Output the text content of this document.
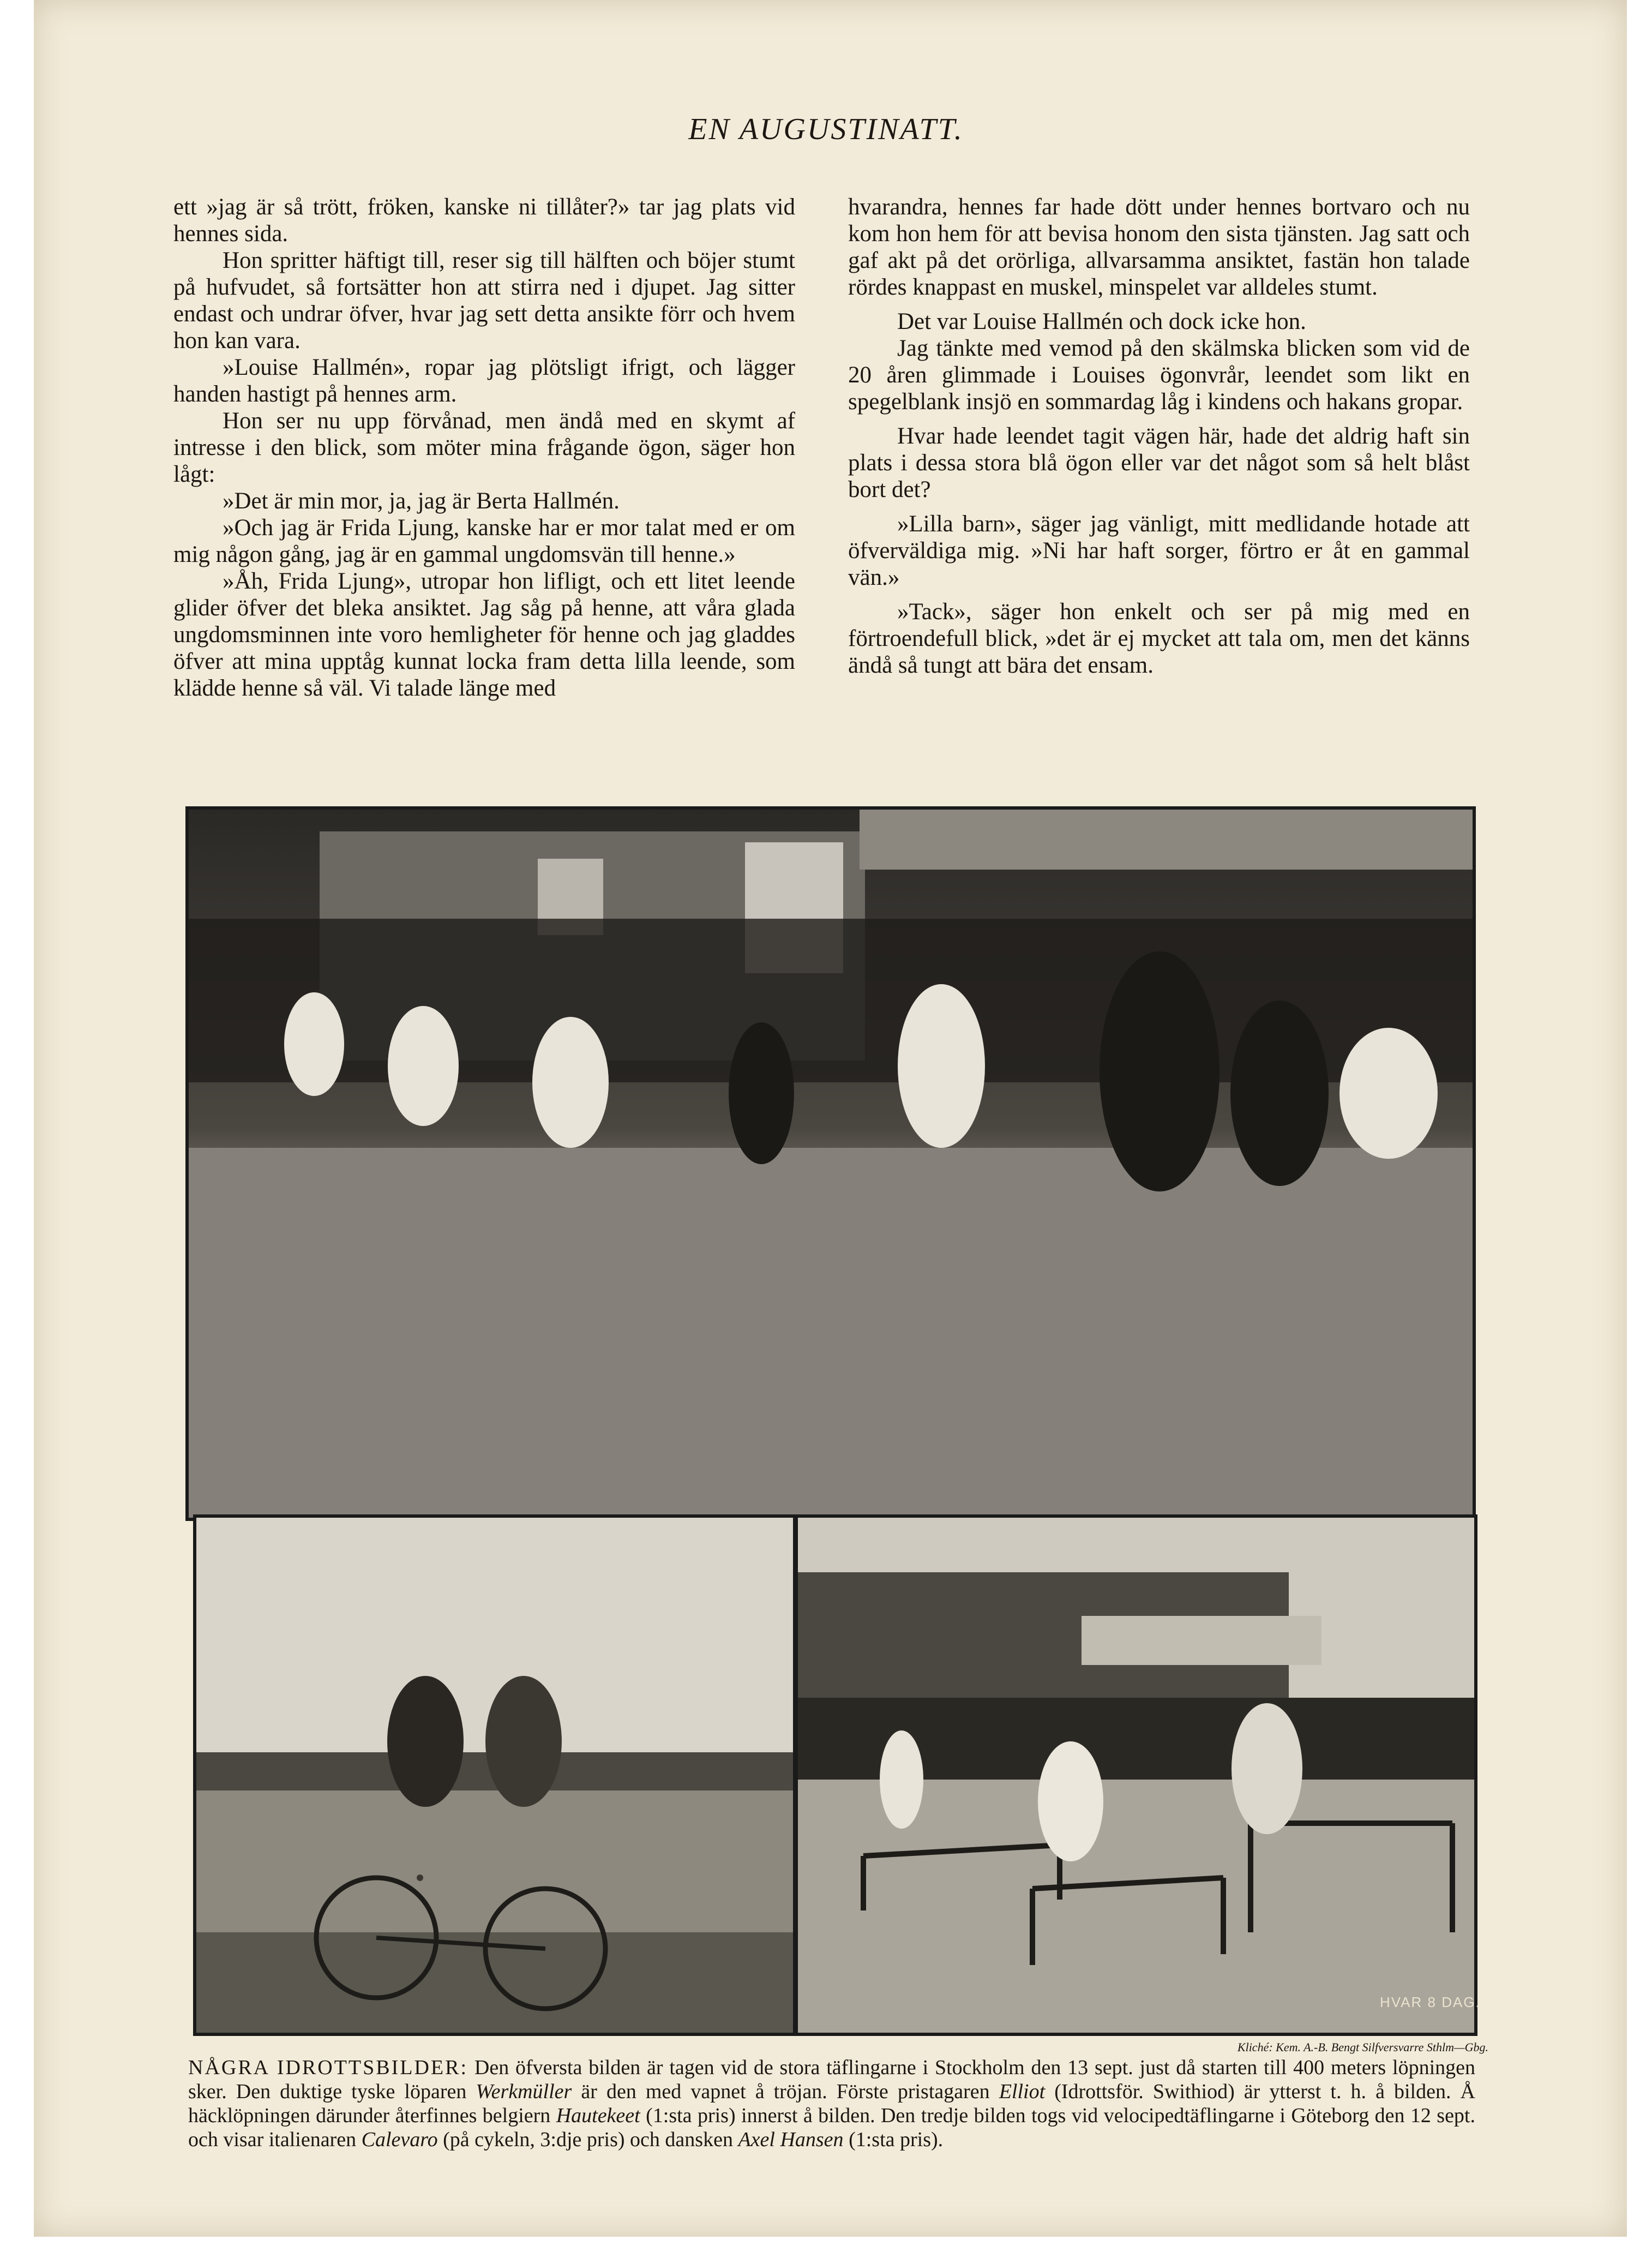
EN AUGUSTINATT.

ett »jag är så trött, fröken, kanske ni tillåter?» tar jag plats vid hennes sida.

Hon spritter häftigt till, reser sig till hälften och böjer stumt på hufvudet, så fortsätter hon att stirra ned i djupet. Jag sitter endast och undrar öfver, hvar jag sett detta ansikte förr och hvem hon kan vara.

»Louise Hallmén», ropar jag plötsligt ifrigt, och lägger handen hastigt på hennes arm.

Hon ser nu upp förvånad, men ändå med en skymt af intresse i den blick, som möter mina frågande ögon, säger hon lågt:

»Det är min mor, ja, jag är Berta Hallmén.

»Och jag är Frida Ljung, kanske har er mor talat med er om mig någon gång, jag är en gammal ungdomsvän till henne.»

»Åh, Frida Ljung», utropar hon lifligt, och ett litet leende glider öfver det bleka ansiktet. Jag såg på henne, att våra glada ungdomsminnen inte voro hemligheter för henne och jag gladdes öfver att mina upptåg kunnat locka fram detta lilla leende, som klädde henne så väl. Vi talade länge med

hvarandra, hennes far hade dött under hennes bortvaro och nu kom hon hem för att bevisa honom den sista tjänsten. Jag satt och gaf akt på det orörliga, allvarsamma ansiktet, fastän hon talade rördes knappast en muskel, minspelet var alldeles stumt.

Det var Louise Hallmén och dock icke hon.

Jag tänkte med vemod på den skälmska blicken som vid de 20 åren glimmade i Louises ögonvrår, leendet som likt en spegelblank insjö en sommardag låg i kindens och hakans gropar.

Hvar hade leendet tagit vägen här, hade det aldrig haft sin plats i dessa stora blå ögon eller var det något som så helt blåst bort det?

»Lilla barn», säger jag vänligt, mitt medlidande hotade att öfverväldiga mig. »Ni har haft sorger, förtro er åt en gammal vän.»

»Tack», säger hon enkelt och ser på mig med en förtroendefull blick, »det är ej mycket att tala om, men det känns ändå så tungt att bära det ensam.

HVAR 8 DAG.
Kliché: Kem. A.-B. Bengt Silfversvarre Sthlm—Gbg.
NÅGRA IDROTTSBILDER: Den öfversta bilden är tagen vid de stora täflingarne i Stockholm den 13 sept. just då starten till 400 meters löpningen sker. Den duktige tyske löparen Werkmüller är den med vapnet å tröjan. Förste pristagaren Elliot (Idrottsför. Swithiod) är ytterst t. h. å bilden. Å häcklöpningen därunder återfinnes belgiern Hautekeet (1:sta pris) innerst å bilden. Den tredje bilden togs vid velocipedtäflingarne i Göteborg den 12 sept. och visar italienaren Calevaro (på cykeln, 3:dje pris) och dansken Axel Hansen (1:sta pris).
